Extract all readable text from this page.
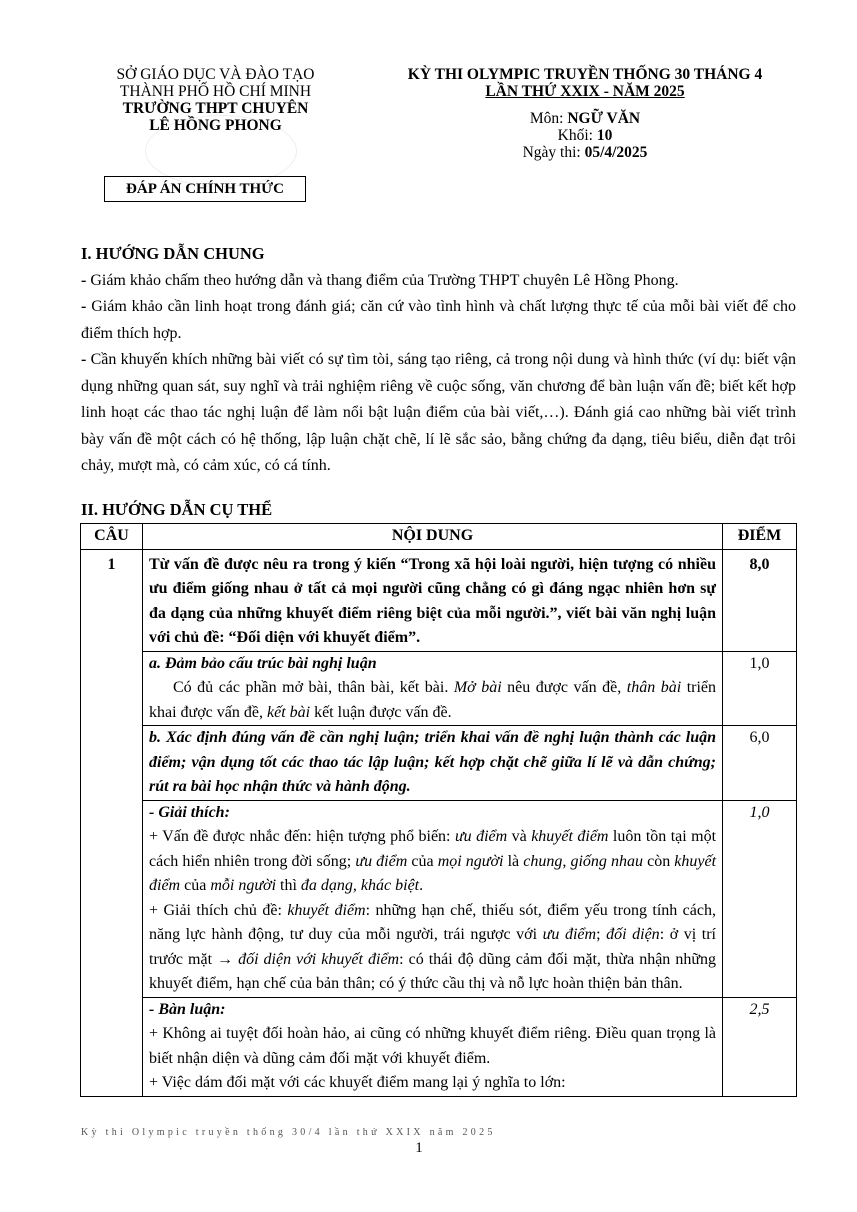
SỞ GIÁO DỤC VÀ ĐÀO TẠO
THÀNH PHỐ HỒ CHÍ MINH
TRƯỜNG THPT CHUYÊN
LÊ HỒNG PHONG
ĐÁP ÁN CHÍNH THỨC
KỲ THI OLYMPIC TRUYỀN THỐNG 30 THÁNG 4
LẦN THỨ XXIX - NĂM 2025
Môn: NGỮ VĂN
Khối: 10
Ngày thi: 05/4/2025

I. HƯỚNG DẪN CHUNG

- Giám khảo chấm theo hướng dẫn và thang điểm của Trường THPT chuyên Lê Hồng Phong.

- Giám khảo cần linh hoạt trong đánh giá; căn cứ vào tình hình và chất lượng thực tế của mỗi bài viết để cho điểm thích hợp.

- Cần khuyến khích những bài viết có sự tìm tòi, sáng tạo riêng, cả trong nội dung và hình thức (ví dụ: biết vận dụng những quan sát, suy nghĩ và trải nghiệm riêng về cuộc sống, văn chương để bàn luận vấn đề; biết kết hợp linh hoạt các thao tác nghị luận để làm nổi bật luận điểm của bài viết,…). Đánh giá cao những bài viết trình bày vấn đề một cách có hệ thống, lập luận chặt chẽ, lí lẽ sắc sảo, bằng chứng đa dạng, tiêu biểu, diễn đạt trôi chảy, mượt mà, có cảm xúc, có cá tính.

II. HƯỚNG DẪN CỤ THỂ
CÂU	NỘI DUNG	ĐIỂM
1	Từ vấn đề được nêu ra trong ý kiến “Trong xã hội loài người, hiện tượng có nhiều ưu điểm giống nhau ở tất cả mọi người cũng chẳng có gì đáng ngạc nhiên hơn sự đa dạng của những khuyết điểm riêng biệt của mỗi người.”, viết bài văn nghị luận với chủ đề: “Đối diện với khuyết điểm”.	8,0

	a. Đảm bảo cấu trúc bài nghị luận
Có đủ các phần mở bài, thân bài, kết bài. Mở bài nêu được vấn đề, thân bài triển khai được vấn đề, kết bài kết luận được vấn đề.	1,0
	b. Xác định đúng vấn đề cần nghị luận; triển khai vấn đề nghị luận thành các luận điểm; vận dụng tốt các thao tác lập luận; kết hợp chặt chẽ giữa lí lẽ và dẫn chứng; rút ra bài học nhận thức và hành động.	6,0

	- Giải thích:
+ Vấn đề được nhắc đến: hiện tượng phổ biến: ưu điểm và khuyết điểm luôn tồn tại một cách hiển nhiên trong đời sống; ưu điểm của mọi người là chung, giống nhau còn khuyết điểm của mỗi người thì đa dạng, khác biệt.
+ Giải thích chủ đề: khuyết điểm: những hạn chế, thiếu sót, điểm yếu trong tính cách, năng lực hành động, tư duy của mỗi người, trái ngược với ưu điểm; đối diện: ở vị trí trước mặt → đối diện với khuyết điểm: có thái độ dũng cảm đối mặt, thừa nhận những khuyết điểm, hạn chế của bản thân; có ý thức cầu thị và nỗ lực hoàn thiện bản thân.	1,0

	- Bàn luận:
+ Không ai tuyệt đối hoàn hảo, ai cũng có những khuyết điểm riêng. Điều quan trọng là biết nhận diện và dũng cảm đối mặt với khuyết điểm.
+ Việc dám đối mặt với các khuyết điểm mang lại ý nghĩa to lớn:	2,5
Kỳ thi Olympic truyền thống 30/4 lần thứ XXIX năm 2025
1
